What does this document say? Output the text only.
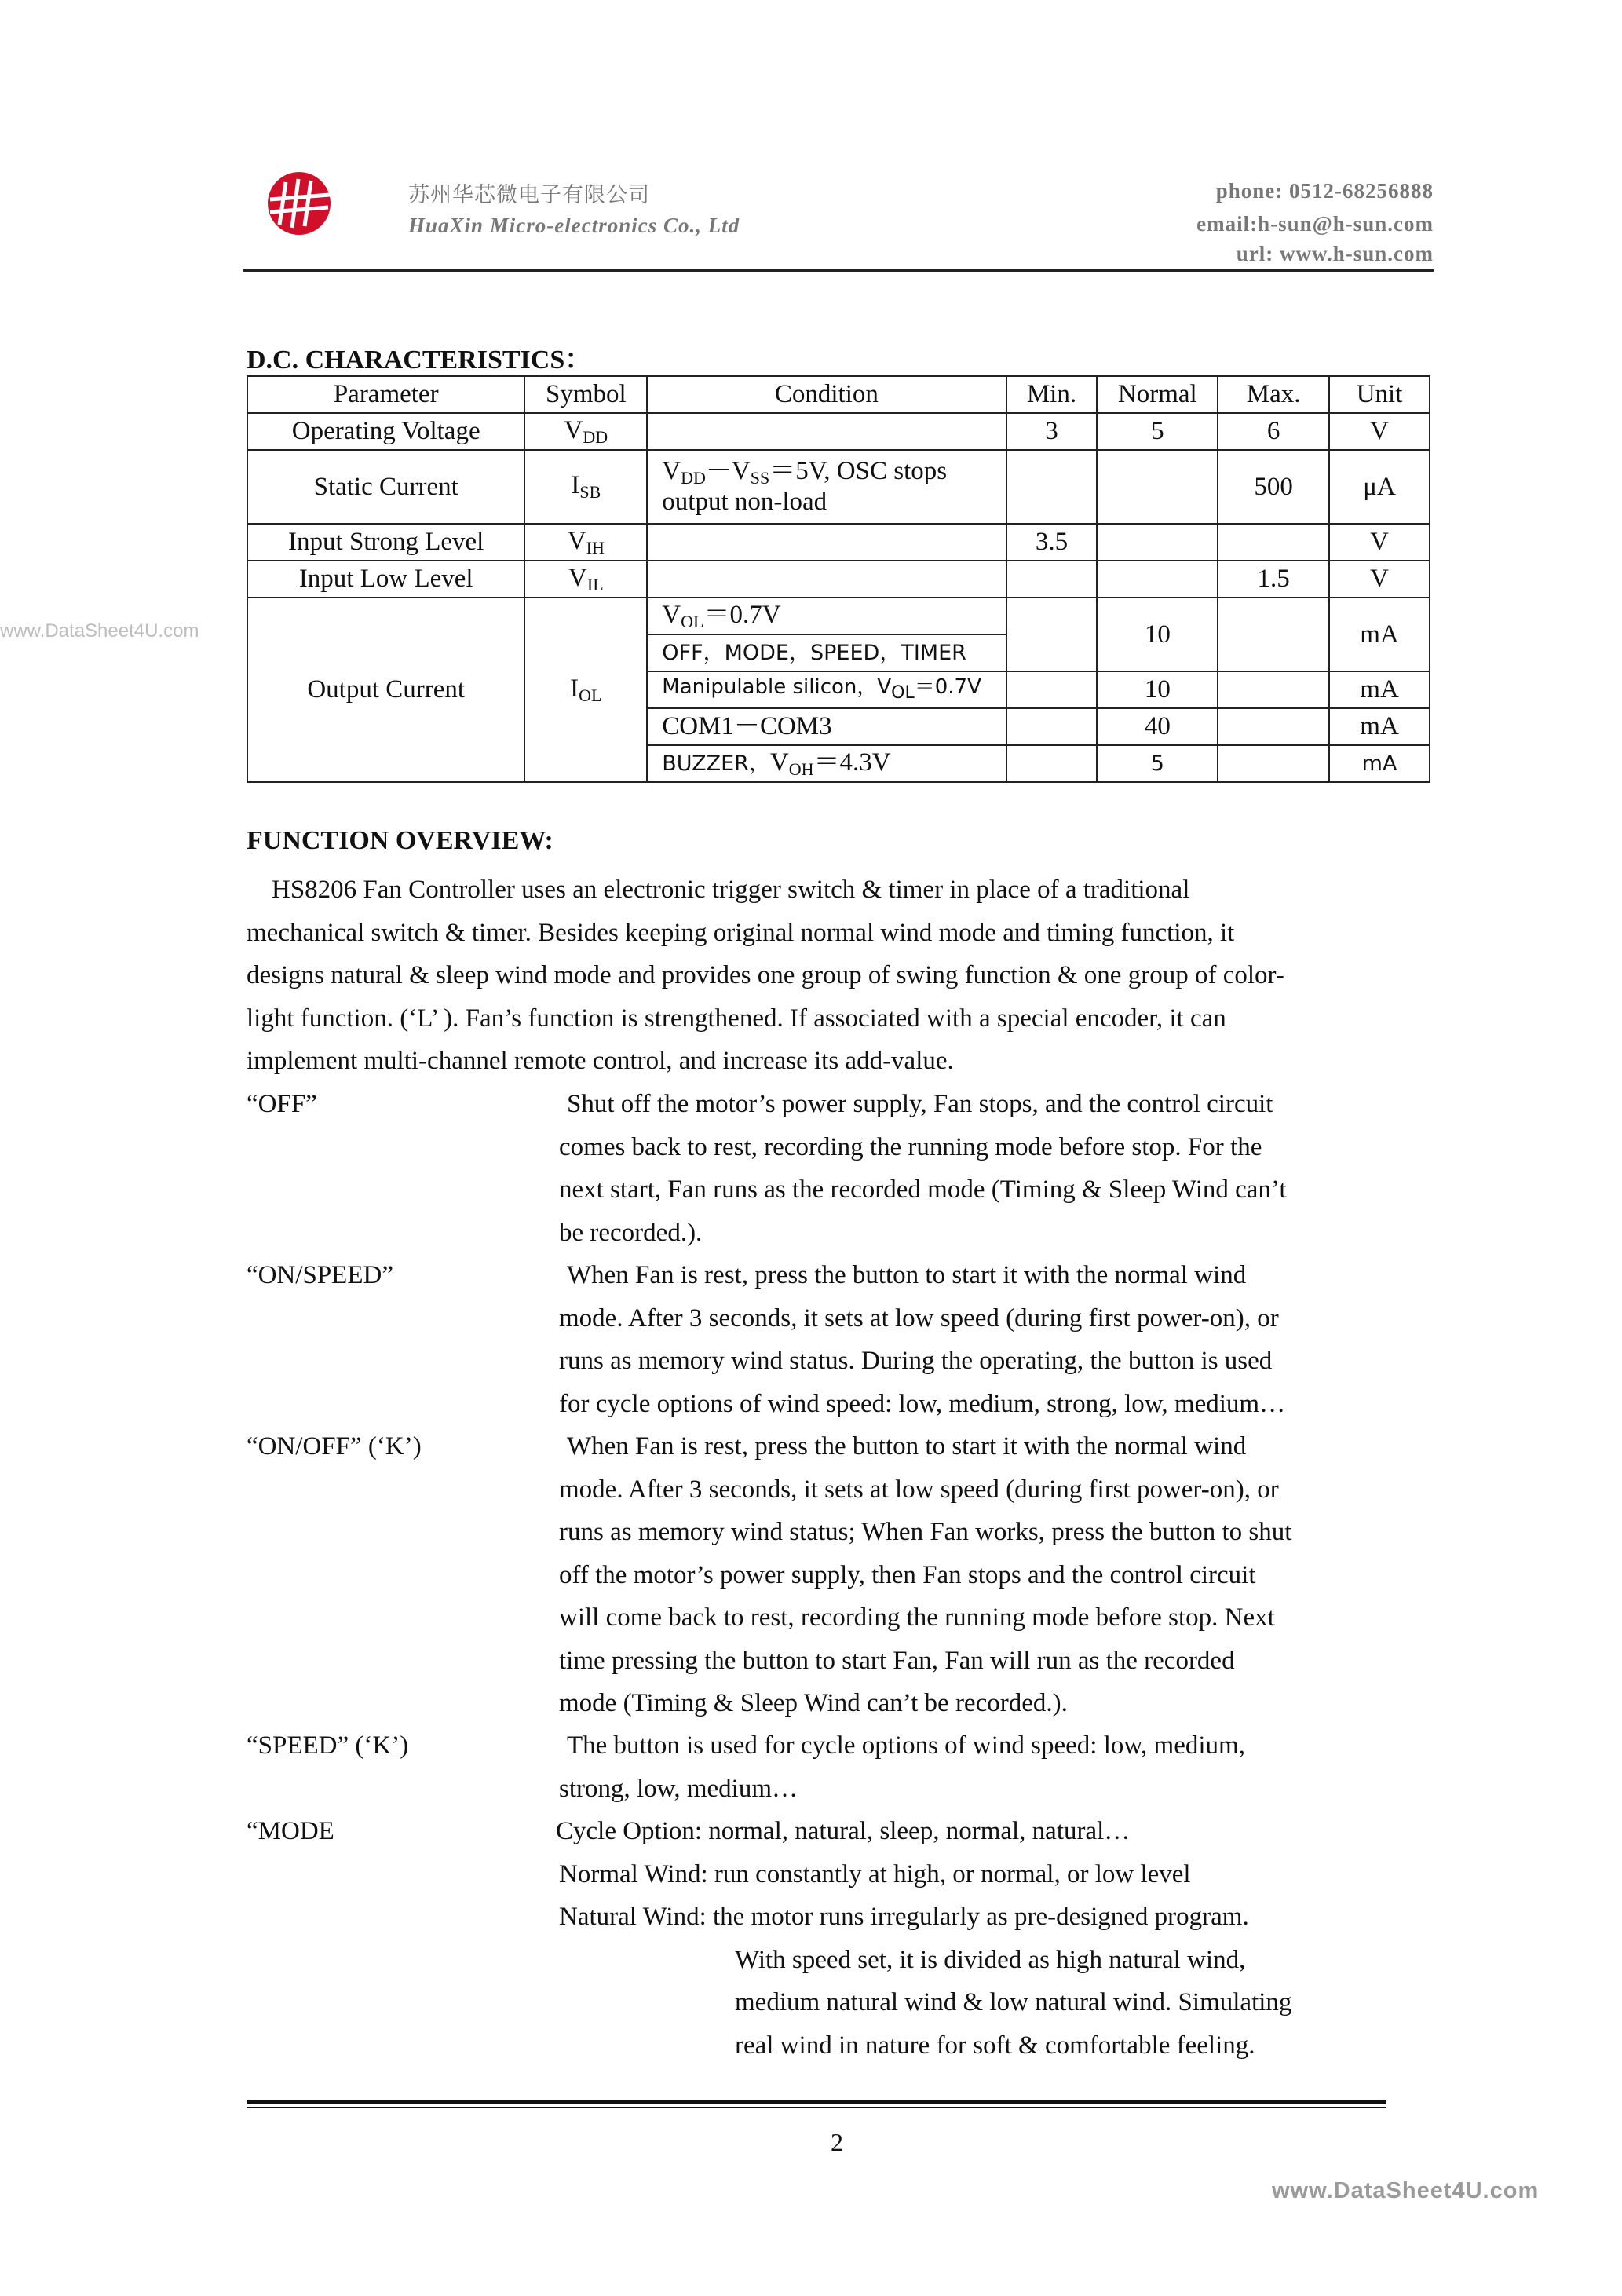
苏州华芯微电子有限公司
HuaXin Micro-electronics Co., Ltd
phone: 0512-68256888
email:h-sun@h-sun.com
url: www.h-sun.com
www.DataSheet4U.com
D.C. CHARACTERISTICS：
Parameter	Symbol	Condition	Min.	Normal	Max.	Unit
Operating Voltage	$V_{DD}$		3	5	6	V
Static Current	$I_{SB}$	$V_{DD}-V_{SS}=5V$, OSC stops
output non-load			500	μA
Input Strong Level	$V_{IH}$		3.5			V
Input Low Level	$V_{IL}$				1.5	V
Output Current	$I_{OL}$	$V_{OL}=0.7V$		10		mA
		OFF，MODE，SPEED，TIMER				
		Manipulable silicon，$V_{OL}=0.7V$		10		mA
		COM1－COM3		40		mA
		BUZZER，$V_{OH}=4.3V$		5		mA
FUNCTION OVERVIEW:

HS8206 Fan Controller uses an electronic trigger switch & timer in place of a traditional

mechanical switch & timer. Besides keeping original normal wind mode and timing function, it

designs natural & sleep wind mode and provides one group of swing function & one group of color-

light function. (‘L’ ). Fan’s function is strengthened. If associated with a special encoder, it can

implement multi-channel remote control, and increase its add-value.

“OFF”	Shut off the motor’s power supply, Fan stops, and the control circuit

comes back to rest, recording the running mode before stop. For the

next start, Fan runs as the recorded mode (Timing & Sleep Wind can’t

be recorded.).

“ON/SPEED”	When Fan is rest, press the button to start it with the normal wind

mode. After 3 seconds, it sets at low speed (during first power-on), or

runs as memory wind status. During the operating, the button is used

for cycle options of wind speed: low, medium, strong, low, medium…

“ON/OFF” (‘K’)	When Fan is rest, press the button to start it with the normal wind

mode. After 3 seconds, it sets at low speed (during first power-on), or

runs as memory wind status; When Fan works, press the button to shut

off the motor’s power supply, then Fan stops and the control circuit

will come back to rest, recording the running mode before stop. Next

time pressing the button to start Fan, Fan will run as the recorded

mode (Timing & Sleep Wind can’t be recorded.).

“SPEED” (‘K’)	The button is used for cycle options of wind speed: low, medium,

strong, low, medium…

“MODE	Cycle Option: normal, natural, sleep, normal, natural…

Normal Wind: run constantly at high, or normal, or low level

Natural Wind: the motor runs irregularly as pre-designed program.

With speed set, it is divided as high natural wind,

medium natural wind & low natural wind. Simulating

real wind in nature for soft & comfortable feeling.

2
www.DataSheet4U.com
